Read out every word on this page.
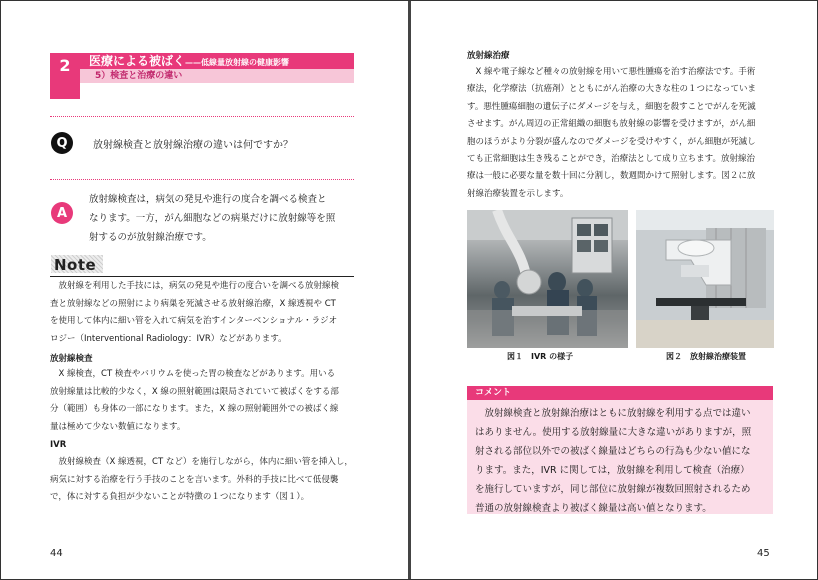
2	医療による被ばく——低線量放射線の健康影響
5）検査と治療の違い
Q	放射線検査と放射線治療の違いは何ですか？
A
放射線検査は，病気の発見や進行の度合を調べる検査と
なります。一方，がん細胞などの病巣だけに放射線等を照
射するのが放射線治療です。
Note
　放射線を利用した手技には，病気の発見や進行の度合いを調べる放射線検
査と放射線などの照射により病巣を死滅させる放射線治療，X 線透視や CT
を使用して体内に細い管を入れて病気を治すインターベンショナル・ラジオ
ロジー（Interventional Radiology：IVR）などがあります。
放射線検査
　X 線検査，CT 検査やバリウムを使った胃の検査などがあります。用いる
放射線量は比較的少なく，X 線の照射範囲は限局されていて被ばくをする部
分（範囲）も身体の一部になります。また，X 線の照射範囲外での被ばく線
量は極めて少ない数値になります。
IVR
　放射線検査（X 線透視，CT など）を施行しながら，体内に細い管を挿入し，
病気に対する治療を行う手技のことを言います。外科的手技に比べて低侵襲
で，体に対する負担が少ないことが特徴の１つになります（図１）。
44
放射線治療
　X 線や電子線など種々の放射線を用いて悪性腫瘍を治す治療法です。手術
療法，化学療法（抗癌剤）とともにがん治療の大きな柱の１つになっていま
す。悪性腫瘍細胞の遺伝子にダメージを与え，細胞を殺すことでがんを死滅
させます。がん周辺の正常組織の細胞も放射線の影響を受けますが，がん細
胞のほうがより分裂が盛んなのでダメージを受けやすく，がん細胞が死滅し
ても正常細胞は生き残ることができ，治療法として成り立ちます。放射線治
療は一般に必要な量を数十回に分割し，数週間かけて照射します。図２に放
射線治療装置を示します。
図１　IVR の様子	図２　放射線治療装置
コメント
　放射線検査と放射線治療はともに放射線を利用する点では違い
はありません。使用する放射線量に大きな違いがありますが，照
射される部位以外での被ばく線量はどちらの行為も少ない値にな
ります。また，IVR に関しては，放射線を利用して検査（治療）
を施行していますが，同じ部位に放射線が複数回照射されるため
普通の放射線検査より被ばく線量は高い値となります。
45
